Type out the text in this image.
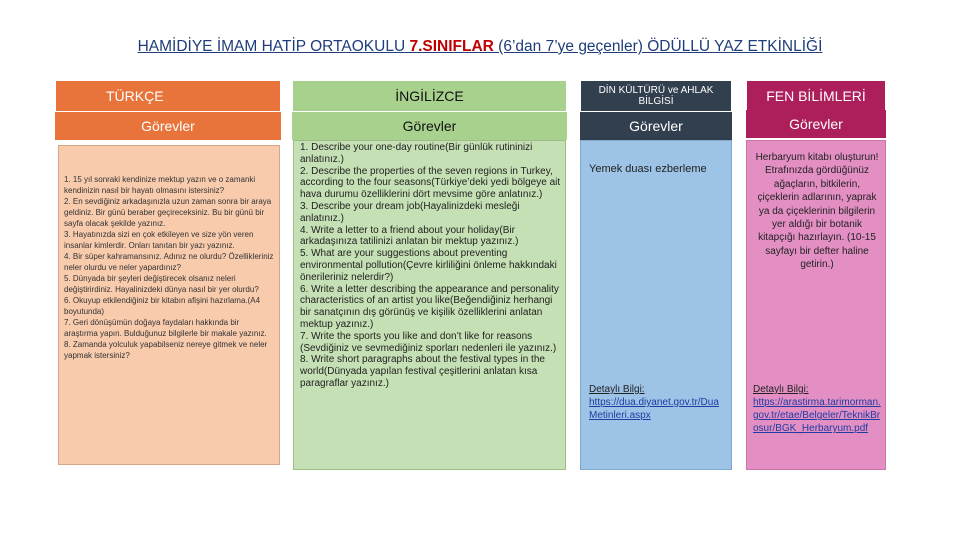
HAMİDİYE İMAM HATİP ORTAOKULU 7.SINIFLAR (6’dan 7’ye geçenler) ÖDÜLLÜ YAZ ETKİNLİĞİ
TÜRKÇE
Görevler
1. 15 yıl sonraki kendinize mektup yazın ve o zamanki kendinizin nasıl bir hayatı olmasını istersiniz?
2. En sevdiğiniz arkadaşınızla uzun zaman sonra bir araya geldiniz. Bir günü beraber geçireceksiniz. Bu bir günü bir sayfa olacak şekilde yazınız.
3. Hayatınızda sizi en çok etkileyen ve size yön veren insanlar kimlerdir. Onları tanıtan bir yazı yazınız.
4. Bir süper kahramansınız. Adınız ne olurdu? Özellikleriniz neler olurdu ve neler yapardınız?
5. Dünyada bir şeyleri değiştirecek olsanız neleri değiştirirdiniz. Hayalinizdeki dünya nasıl bir yer olurdu?
6. Okuyup etkilendiğiniz bir kitabın afişini hazırlama.(A4 boyutunda)
7. Geri dönüşümün doğaya faydaları hakkında bir araştırma yapın. Bulduğunuz bilgilerle bir makale yazınız.
8. Zamanda yolculuk yapabilseniz nereye gitmek ve neler yapmak istersiniz?
İNGİLİZCE
Görevler
1. Describe your one-day routine(Bir günlük rutininizi anlatınız.)
2. Describe the properties of the seven regions in Turkey, according to the four seasons(Türkiye’deki yedi bölgeye ait hava durumu özelliklerini dört mevsime göre anlatınız.)
3. Describe your dream job(Hayalinizdeki mesleği anlatınız.)
4. Write a letter to a friend about your holiday(Bir arkadaşınıza tatilinizi anlatan bir mektup yazınız.)
5. What are your suggestions about preventing environmental pollution(Çevre kirliliğini önleme hakkındaki önerileriniz nelerdir?)
6. Write a letter describing the appearance and personality characteristics of an artist you like(Beğendiğiniz herhangi bir sanatçının dış görünüş ve kişilik özelliklerini anlatan mektup yazınız.)
7. Write the sports you like and don’t like for reasons (Sevdiğiniz ve sevmediğiniz sporları nedenleri ile yazınız.)
8. Write short paragraphs about the festival types in the world(Dünyada yapılan festival çeşitlerini anlatan kısa paragraflar yazınız.)
DİN KÜLTÜRÜ ve AHLAK BİLGİSİ
Görevler
Yemek duası ezberleme
Detaylı Bilgi:
https://dua.diyanet.gov.tr/DuaMetinleri.aspx
FEN BİLİMLERİ
Görevler
Herbaryum kitabı oluşturun! Etrafınızda gördüğünüz ağaçların, bitkilerin, çiçeklerin adlarının, yaprak ya da çiçeklerinin bilgilerin yer aldığı bir botanik kitapçığı hazırlayın. (10-15 sayfayı bir defter haline getirin.)
Detaylı Bilgi:
https://arastirma.tarimorman.gov.tr/etae/Belgeler/TeknikBrosur/BGK_Herbaryum.pdf
